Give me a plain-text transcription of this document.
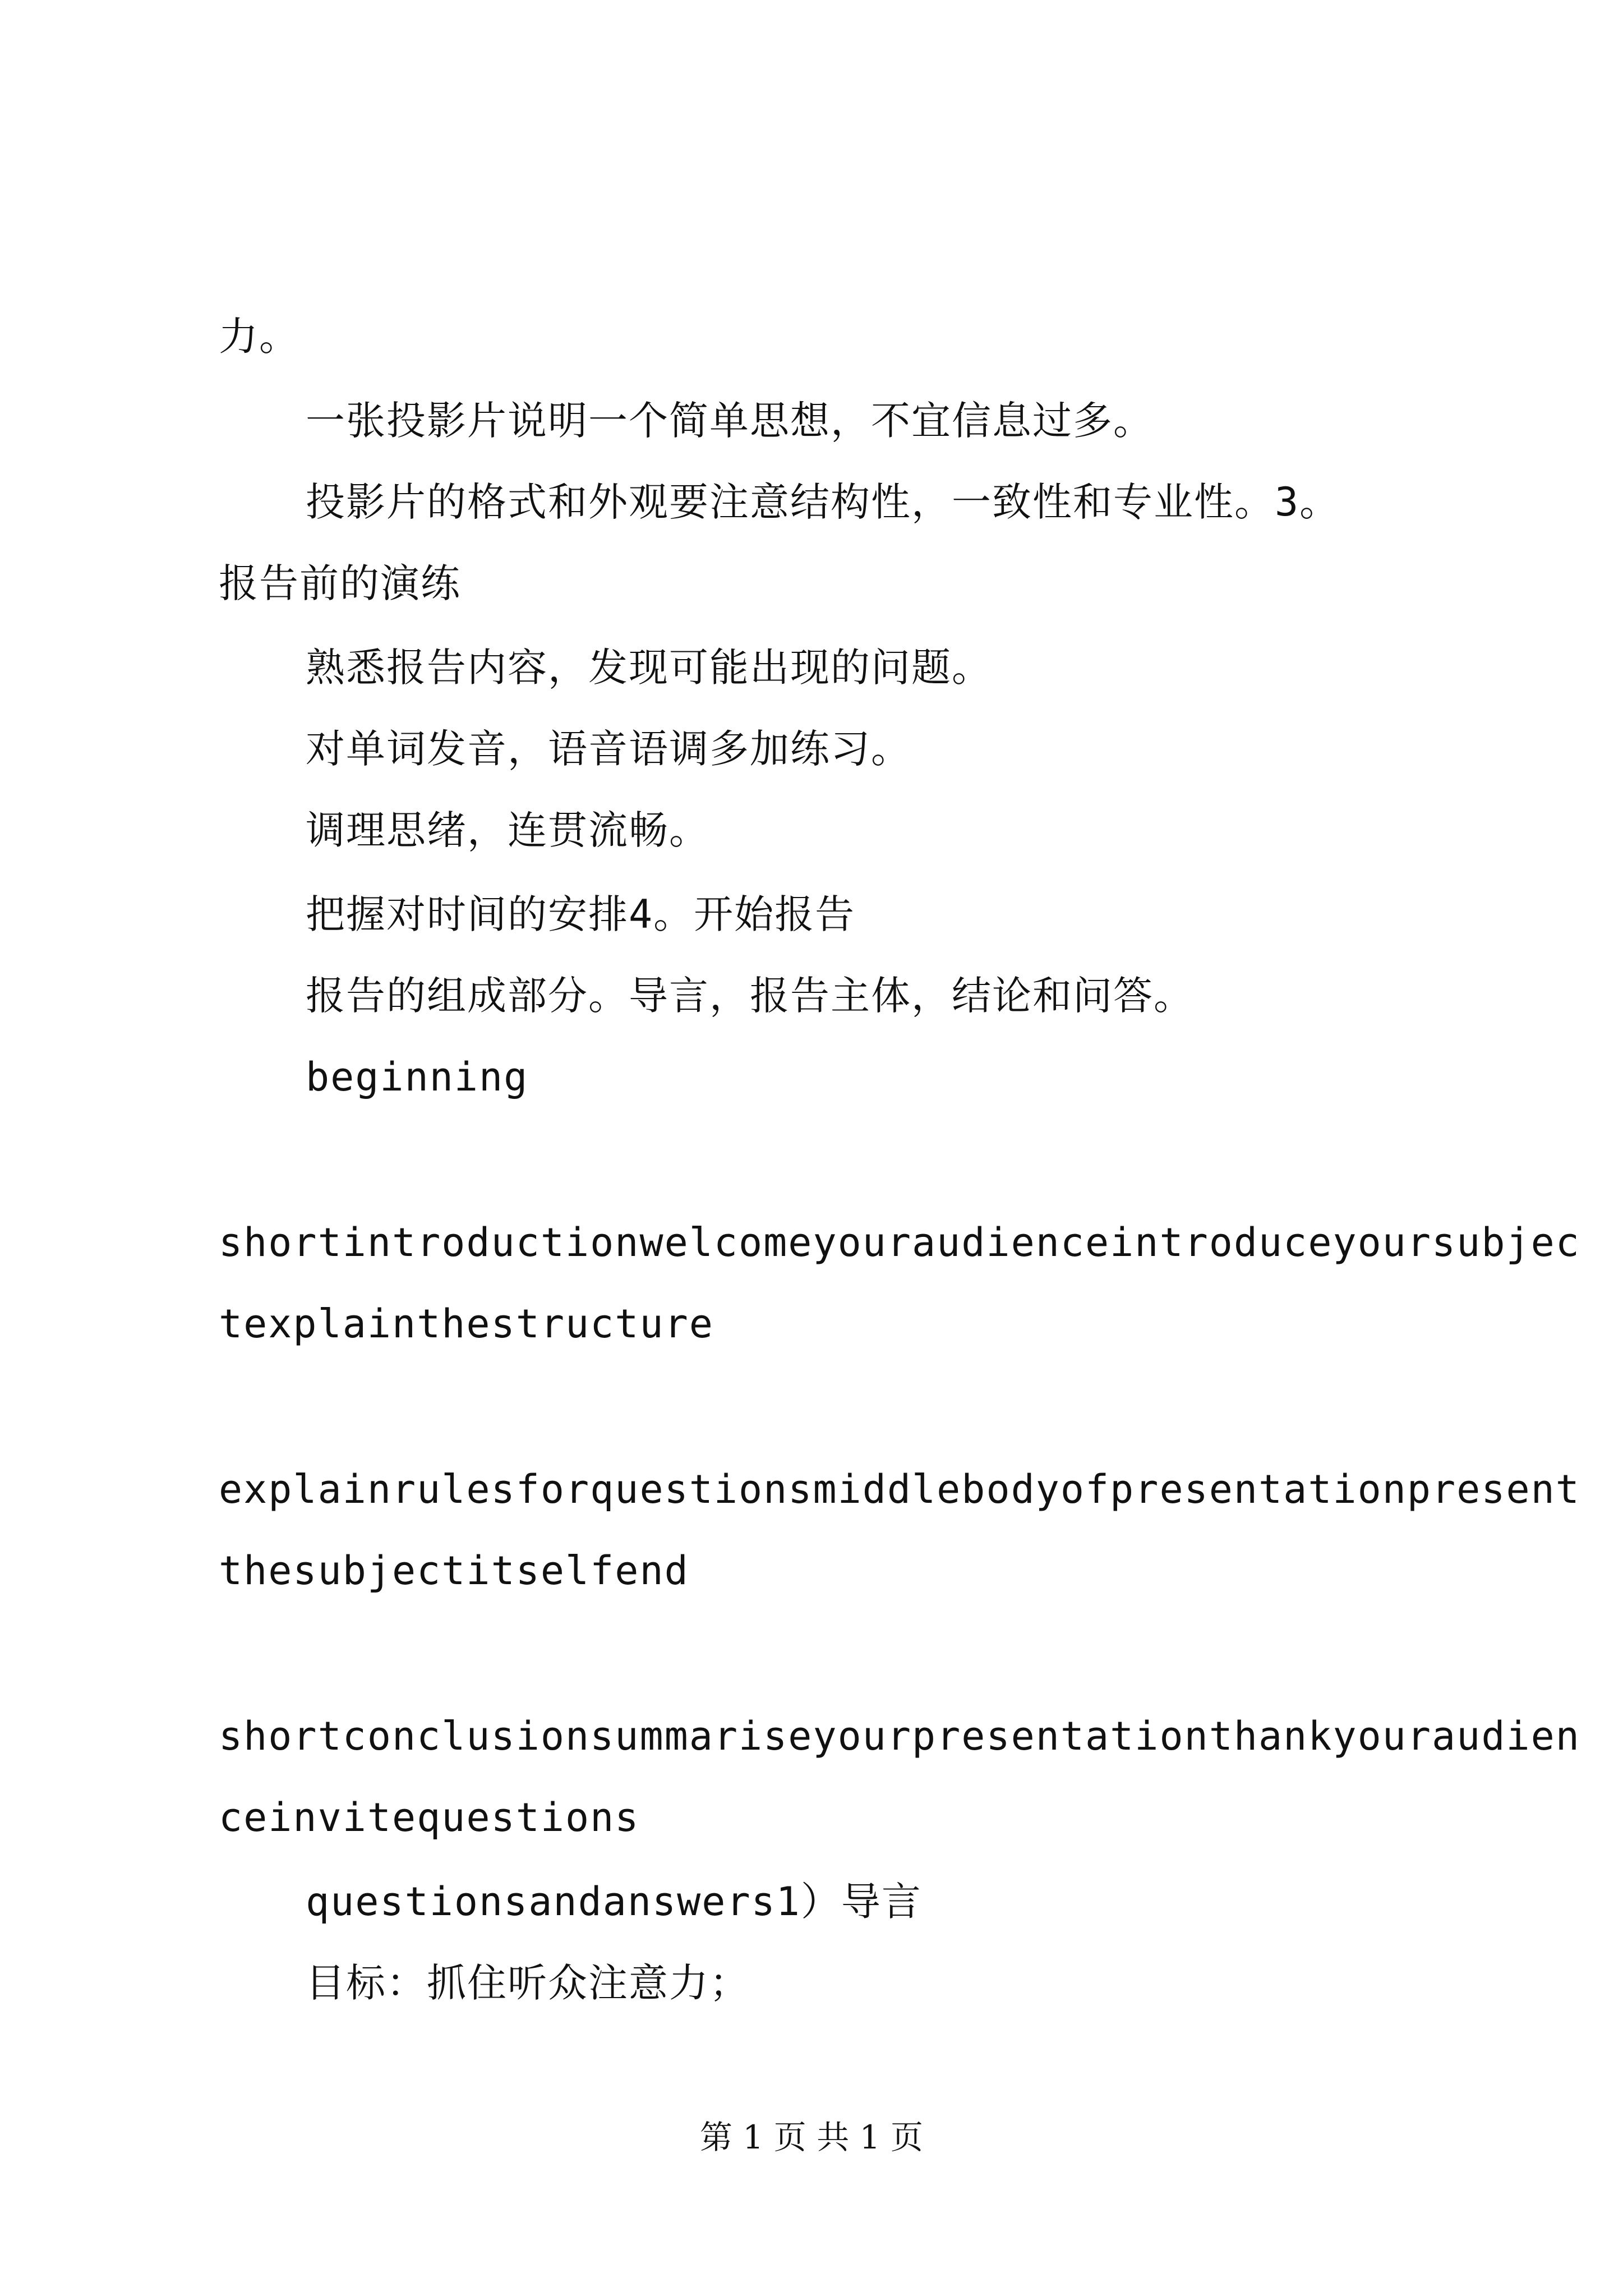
力。
一张投影片说明一个简单思想，不宜信息过多。
投影片的格式和外观要注意结构性，一致性和专业性。3。
报告前的演练
熟悉报告内容，发现可能出现的问题。
对单词发音，语音语调多加练习。
调理思绪，连贯流畅。
把握对时间的安排4。开始报告
报告的组成部分。导言，报告主体，结论和问答。
beginning
shortintroductionwelcomeyouraudienceintroduceyoursubjec
texplainthestructure
explainrulesforquestionsmiddlebodyofpresentationpresent
thesubjectitselfend
shortconclusionsummariseyourpresentationthankyouraudien
ceinvitequestions
questionsandanswers1）导言
目标：抓住听众注意力；
第 1 页 共 1 页
